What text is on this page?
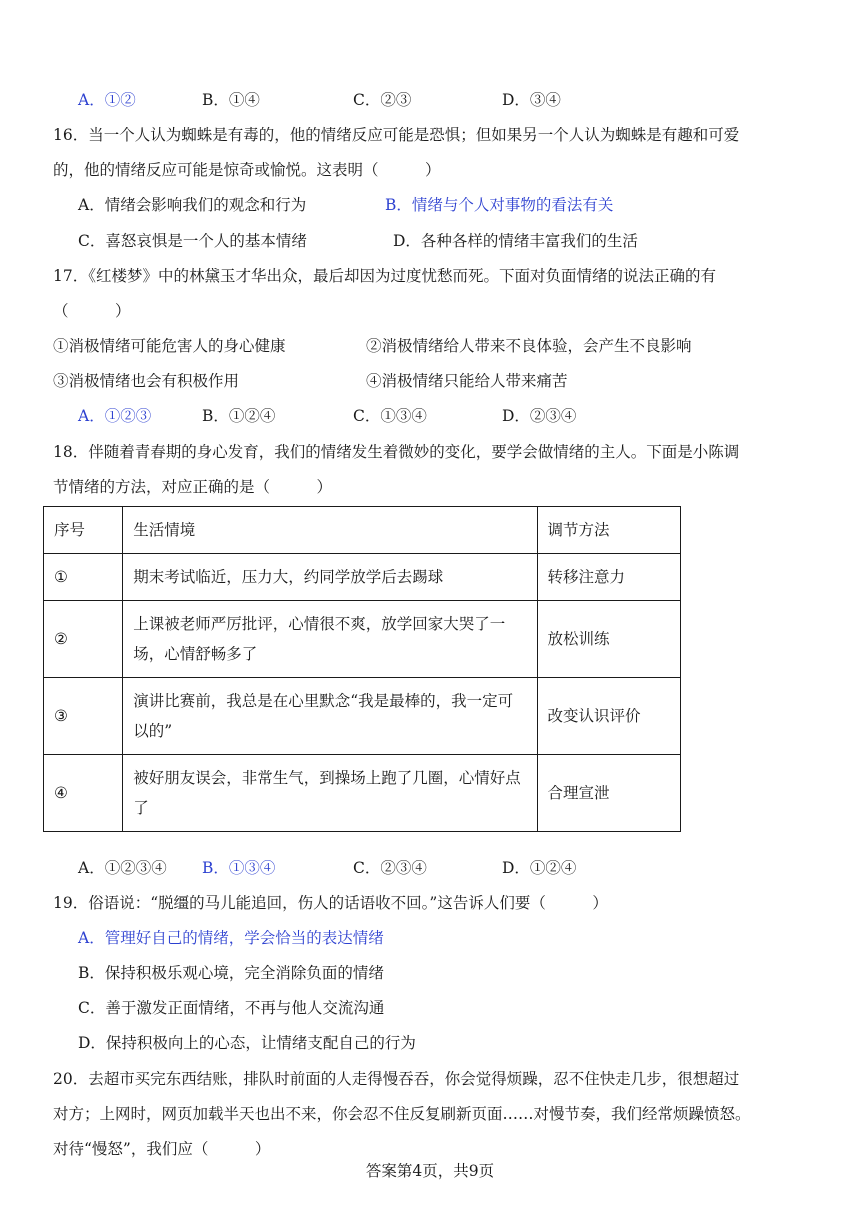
A．①②	B．①④	C．②③	D．③④
16．当一个人认为蜘蛛是有毒的，他的情绪反应可能是恐惧；但如果另一个人认为蜘蛛是有趣和可爱
的，他的情绪反应可能是惊奇或愉悦。这表明（　　　）
A．情绪会影响我们的观念和行为	B．情绪与个人对事物的看法有关
C．喜怒哀惧是一个人的基本情绪	D．各种各样的情绪丰富我们的生活
17．《红楼梦》中的林黛玉才华出众，最后却因为过度忧愁而死。下面对负面情绪的说法正确的有
（　　　）
①消极情绪可能危害人的身心健康	②消极情绪给人带来不良体验，会产生不良影响
③消极情绪也会有积极作用	④消极情绪只能给人带来痛苦
A．①②③	B．①②④	C．①③④	D．②③④
18．伴随着青春期的身心发育，我们的情绪发生着微妙的变化，要学会做情绪的主人。下面是小陈调
节情绪的方法，对应正确的是（　　　）
序号	生活情境	调节方法
①	期末考试临近，压力大，约同学放学后去踢球	转移注意力
②	上课被老师严厉批评，心情很不爽，放学回家大哭了一场，心情舒畅多了	放松训练
③	演讲比赛前，我总是在心里默念“我是最棒的，我一定可以的”	改变认识评价
④	被好朋友误会，非常生气，到操场上跑了几圈，心情好点了	合理宣泄
A．①②③④ B．①③④	C．②③④	D．①②④
19．俗语说：“脱缰的马儿能追回，伤人的话语收不回。”这告诉人们要（　　　）
A．管理好自己的情绪，学会恰当的表达情绪
B．保持积极乐观心境，完全消除负面的情绪
C．善于激发正面情绪，不再与他人交流沟通
D．保持积极向上的心态，让情绪支配自己的行为
20．去超市买完东西结账，排队时前面的人走得慢吞吞，你会觉得烦躁，忍不住快走几步，很想超过
对方；上网时，网页加载半天也出不来，你会忍不住反复刷新页面……对慢节奏，我们经常烦躁愤怒。
对待“慢怒”，我们应（　　　）
答案第4页，共9页
